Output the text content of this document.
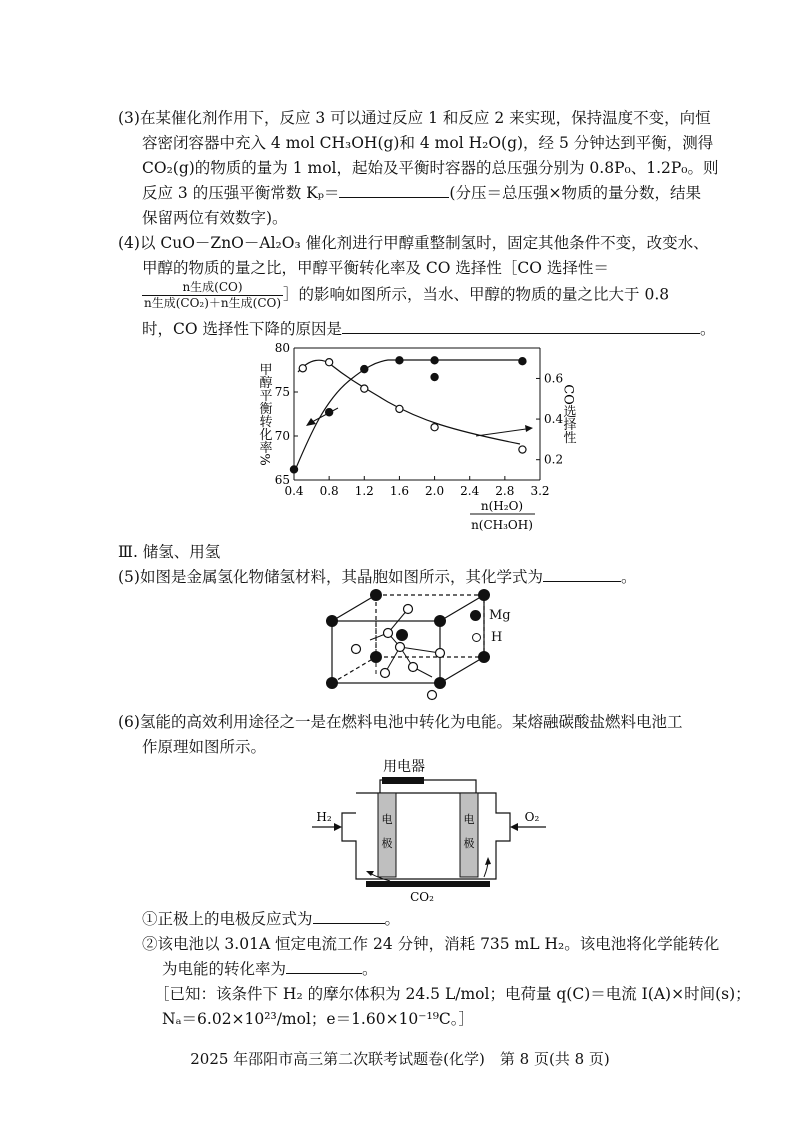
(3)在某催化剂作用下，反应 3 可以通过反应 1 和反应 2 来实现，保持温度不变，向恒

容密闭容器中充入 4 mol CH₃OH(g)和 4 mol H₂O(g)，经 5 分钟达到平衡，测得

CO₂(g)的物质的量为 1 mol，起始及平衡时容器的总压强分别为 0.8P₀、1.2P₀。则

反应 3 的压强平衡常数 Kₚ＝	(分压＝总压强×物质的量分数，结果

保留两位有效数字)。

(4)以 CuO－ZnO－Al₂O₃ 催化剂进行甲醇重整制氢时，固定其他条件不变，改变水、

甲醇的物质的量之比，甲醇平衡转化率及 CO 选择性［CO 选择性＝

$\frac{\text{n生成(CO)}}{\text{n生成(CO₂)＋n生成(CO)}}$ ］的影响如图所示，当水、甲醇的物质的量之比大于 0.8

时，CO 选择性下降的原因是	。

0.4 0.8 1.2 1.6 2.0 2.4 2.8 3.2
65
70
75
80
0.2
0.4
0.6
甲醇平衡转化率%	CO选择性
n(H₂O)
n(CH₃OH)

Ⅲ. 储氢、用氢

(5)如图是金属氢化物储氢材料，其晶胞如图所示，其化学式为	。

Mg
H

(6)氢能的高效利用途径之一是在燃料电池中转化为电能。某熔融碳酸盐燃料电池工

作原理如图所示。

用电器
电
极
电
极
CO₂
H₂	O₂

①正极上的电极反应式为	。

②该电池以 3.01A 恒定电流工作 24 分钟，消耗 735 mL H₂。该电池将化学能转化

为电能的转化率为	。

［已知：该条件下 H₂ 的摩尔体积为 24.5 L/mol；电荷量 q(C)＝电流 I(A)×时间(s)；

Nₐ＝6.02×10²³/mol；e＝1.60×10⁻¹⁹C。］

2025 年邵阳市高三第二次联考试题卷(化学)　第 8 页(共 8 页)
